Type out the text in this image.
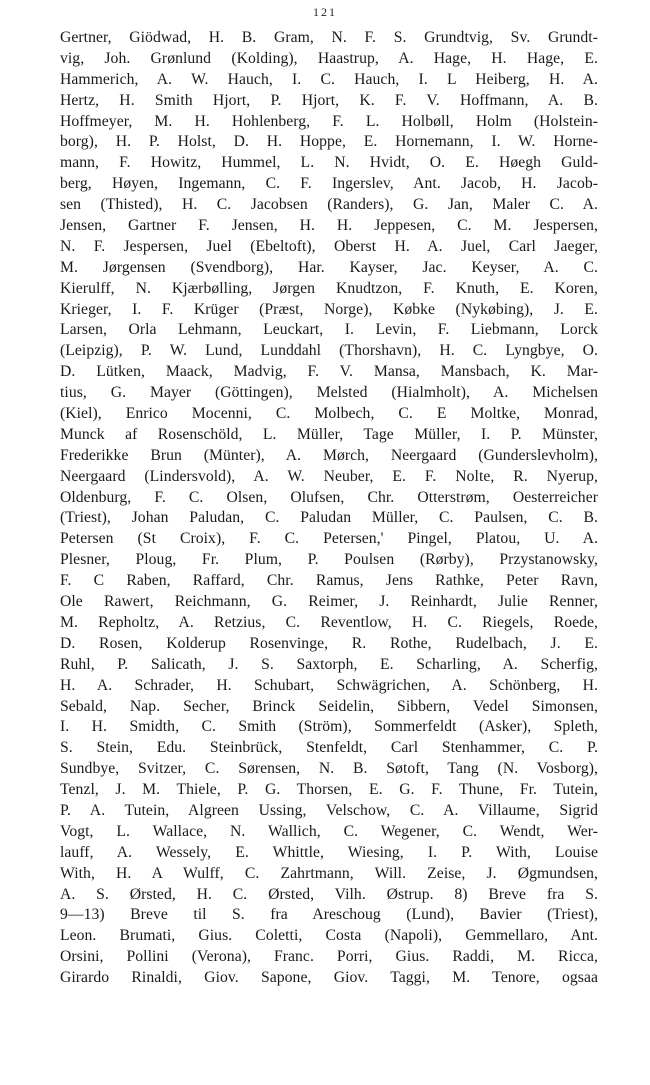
121
Gertner, Giödwad, H. B. Gram, N. F. S. Grundtvig, Sv. Grundt-
vig, Joh. Grønlund (Kolding), Haastrup, A. Hage, H. Hage, E.
Hammerich, A. W. Hauch, I. C. Hauch, I. L Heiberg, H. A.
Hertz, H. Smith Hjort, P. Hjort, K. F. V. Hoffmann, A. B.
Hoffmeyer, M. H. Hohlenberg, F. L. Holbøll, Holm (Holstein-
borg), H. P. Holst, D. H. Hoppe, E. Hornemann, I. W. Horne-
mann, F. Howitz, Hummel, L. N. Hvidt, O. E. Høegh Guld-
berg, Høyen, Ingemann, C. F. Ingerslev, Ant. Jacob, H. Jacob-
sen (Thisted), H. C. Jacobsen (Randers), G. Jan, Maler C. A.
Jensen, Gartner F. Jensen, H. H. Jeppesen, C. M. Jespersen,
N. F. Jespersen, Juel (Ebeltoft), Oberst H. A. Juel, Carl Jaeger,
M. Jørgensen (Svendborg), Har. Kayser, Jac. Keyser, A. C.
Kierulff, N. Kjærbølling, Jørgen Knudtzon, F. Knuth, E. Koren,
Krieger, I. F. Krüger (Præst, Norge), Købke (Nykøbing), J. E.
Larsen, Orla Lehmann, Leuckart, I. Levin, F. Liebmann, Lorck
(Leipzig), P. W. Lund, Lunddahl (Thorshavn), H. C. Lyngbye, O.
D. Lütken, Maack, Madvig, F. V. Mansa, Mansbach, K. Mar-
tius, G. Mayer (Göttingen), Melsted (Hialmholt), A. Michelsen
(Kiel), Enrico Mocenni, C. Molbech, C. E Moltke, Monrad,
Munck af Rosenschöld, L. Müller, Tage Müller, I. P. Münster,
Frederikke Brun (Münter), A. Mørch, Neergaard (Gunderslevholm),
Neergaard (Lindersvold), A. W. Neuber, E. F. Nolte, R. Nyerup,
Oldenburg, F. C. Olsen, Olufsen, Chr. Otterstrøm, Oesterreicher
(Triest), Johan Paludan, C. Paludan Müller, C. Paulsen, C. B.
Petersen (St Croix), F. C. Petersen,' Pingel, Platou, U. A.
Plesner, Ploug, Fr. Plum, P. Poulsen (Rørby), Przystanowsky,
F. C Raben, Raffard, Chr. Ramus, Jens Rathke, Peter Ravn,
Ole Rawert, Reichmann, G. Reimer, J. Reinhardt, Julie Renner,
M. Repholtz, A. Retzius, C. Reventlow, H. C. Riegels, Roede,
D. Rosen, Kolderup Rosenvinge, R. Rothe, Rudelbach, J. E.
Ruhl, P. Salicath, J. S. Saxtorph, E. Scharling, A. Scherfig,
H. A. Schrader, H. Schubart, Schwägrichen, A. Schönberg, H.
Sebald, Nap. Secher, Brinck Seidelin, Sibbern, Vedel Simonsen,
I. H. Smidth, C. Smith (Ström), Sommerfeldt (Asker), Spleth,
S. Stein, Edu. Steinbrück, Stenfeldt, Carl Stenhammer, C. P.
Sundbye, Svitzer, C. Sørensen, N. B. Søtoft, Tang (N. Vosborg),
Tenzl, J. M. Thiele, P. G. Thorsen, E. G. F. Thune, Fr. Tutein,
P. A. Tutein, Algreen Ussing, Velschow, C. A. Villaume, Sigrid
Vogt, L. Wallace, N. Wallich, C. Wegener, C. Wendt, Wer-
lauff, A. Wessely, E. Whittle, Wiesing, I. P. With, Louise
With, H. A Wulff, C. Zahrtmann, Will. Zeise, J. Øgmundsen,
A. S. Ørsted, H. C. Ørsted, Vilh. Østrup. 8) Breve fra S.
9—13) Breve til S. fra Areschoug (Lund), Bavier (Triest),
Leon. Brumati, Gius. Coletti, Costa (Napoli), Gemmellaro, Ant.
Orsini, Pollini (Verona), Franc. Porri, Gius. Raddi, M. Ricca,
Girardo Rinaldi, Giov. Sapone, Giov. Taggi, M. Tenore, ogsaa
